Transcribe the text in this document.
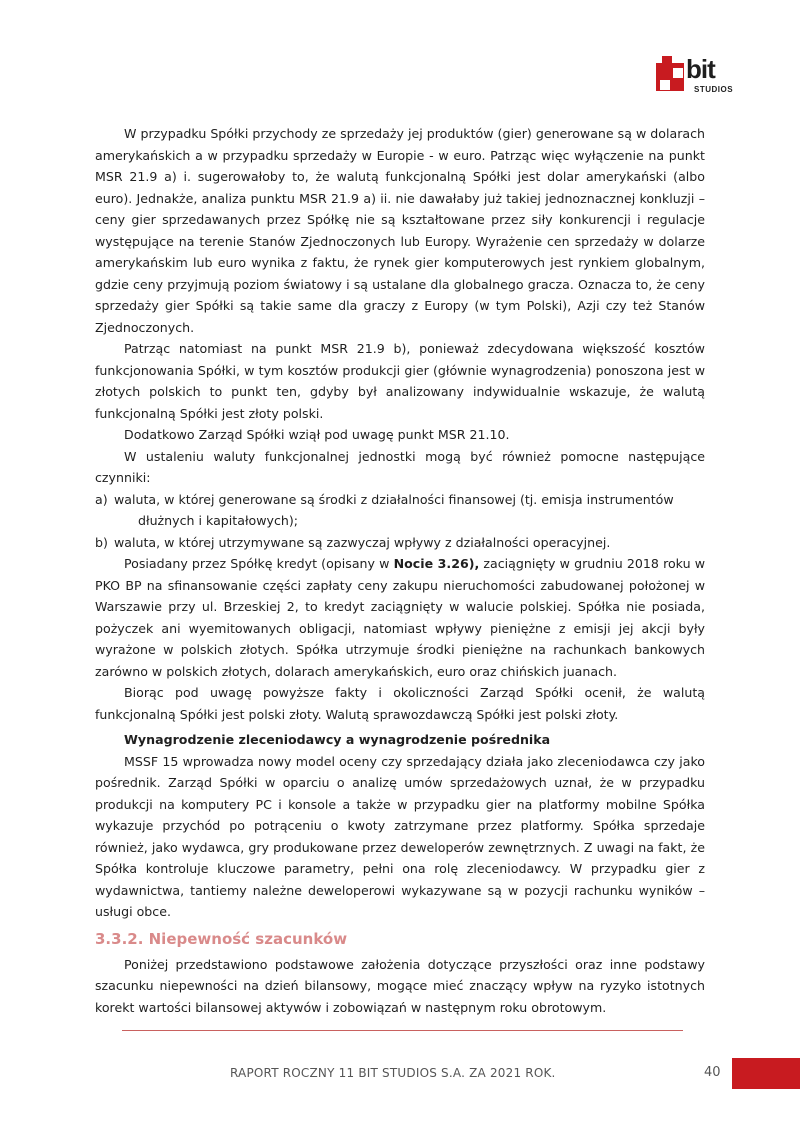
bit
STUDIOS

W przypadku Spółki przychody ze sprzedaży jej produktów (gier) generowane są w dolarach amerykańskich a w przypadku sprzedaży w Europie - w euro. Patrząc więc wyłączenie na punkt MSR 21.9 a) i. sugerowałoby to, że walutą funkcjonalną Spółki jest dolar amerykański (albo euro). Jednakże, analiza punktu MSR 21.9 a) ii. nie dawałaby już takiej jednoznacznej konkluzji – ceny gier sprzedawanych przez Spółkę nie są kształtowane przez siły konkurencji i regulacje występujące na terenie Stanów Zjednoczonych lub Europy. Wyrażenie cen sprzedaży w dolarze amerykańskim lub euro wynika z faktu, że rynek gier komputerowych jest rynkiem globalnym, gdzie ceny przyjmują poziom światowy i są ustalane dla globalnego gracza. Oznacza to, że ceny sprzedaży gier Spółki są takie same dla graczy z Europy (w tym Polski), Azji czy też Stanów Zjednoczonych.

Patrząc natomiast na punkt MSR 21.9 b), ponieważ zdecydowana większość kosztów funkcjonowania Spółki, w tym kosztów produkcji gier (głównie wynagrodzenia) ponoszona jest w złotych polskich to punkt ten, gdyby był analizowany indywidualnie wskazuje, że walutą funkcjonalną Spółki jest złoty polski.

Dodatkowo Zarząd Spółki wziął pod uwagę punkt MSR 21.10.

W ustaleniu waluty funkcjonalnej jednostki mogą być również pomocne następujące czynniki:

a) waluta, w której generowane są środki z działalności finansowej (tj. emisja instrumentów
dłużnych i kapitałowych);
b) waluta, w której utrzymywane są zazwyczaj wpływy z działalności operacyjnej.

Posiadany przez Spółkę kredyt (opisany w Nocie 3.26), zaciągnięty w grudniu 2018 roku w PKO BP na sfinansowanie części zapłaty ceny zakupu nieruchomości zabudowanej położonej w Warszawie przy ul. Brzeskiej 2, to kredyt zaciągnięty w walucie polskiej. Spółka nie posiada, pożyczek ani wyemitowanych obligacji, natomiast wpływy pieniężne z emisji jej akcji były wyrażone w polskich złotych. Spółka utrzymuje środki pieniężne na rachunkach bankowych zarówno w polskich złotych, dolarach amerykańskich, euro oraz chińskich juanach.

Biorąc pod uwagę powyższe fakty i okoliczności Zarząd Spółki ocenił, że walutą funkcjonalną Spółki jest polski złoty. Walutą sprawozdawczą Spółki jest polski złoty.

Wynagrodzenie zleceniodawcy a wynagrodzenie pośrednika

MSSF 15 wprowadza nowy model oceny czy sprzedający działa jako zleceniodawca czy jako pośrednik. Zarząd Spółki w oparciu o analizę umów sprzedażowych uznał, że w przypadku produkcji na komputery PC i konsole a także w przypadku gier na platformy mobilne Spółka wykazuje przychód po potrąceniu o kwoty zatrzymane przez platformy. Spółka sprzedaje również, jako wydawca, gry produkowane przez deweloperów zewnętrznych. Z uwagi na fakt, że Spółka kontroluje kluczowe parametry, pełni ona rolę zleceniodawcy. W przypadku gier z wydawnictwa, tantiemy należne deweloperowi wykazywane są w pozycji rachunku wyników – usługi obce.

3.3.2. Niepewność szacunków

Poniżej przedstawiono podstawowe założenia dotyczące przyszłości oraz inne podstawy szacunku niepewności na dzień bilansowy, mogące mieć znaczący wpływ na ryzyko istotnych korekt wartości bilansowej aktywów i zobowiązań w następnym roku obrotowym.

RAPORT ROCZNY 11 BIT STUDIOS S.A. ZA 2021 ROK.	40
